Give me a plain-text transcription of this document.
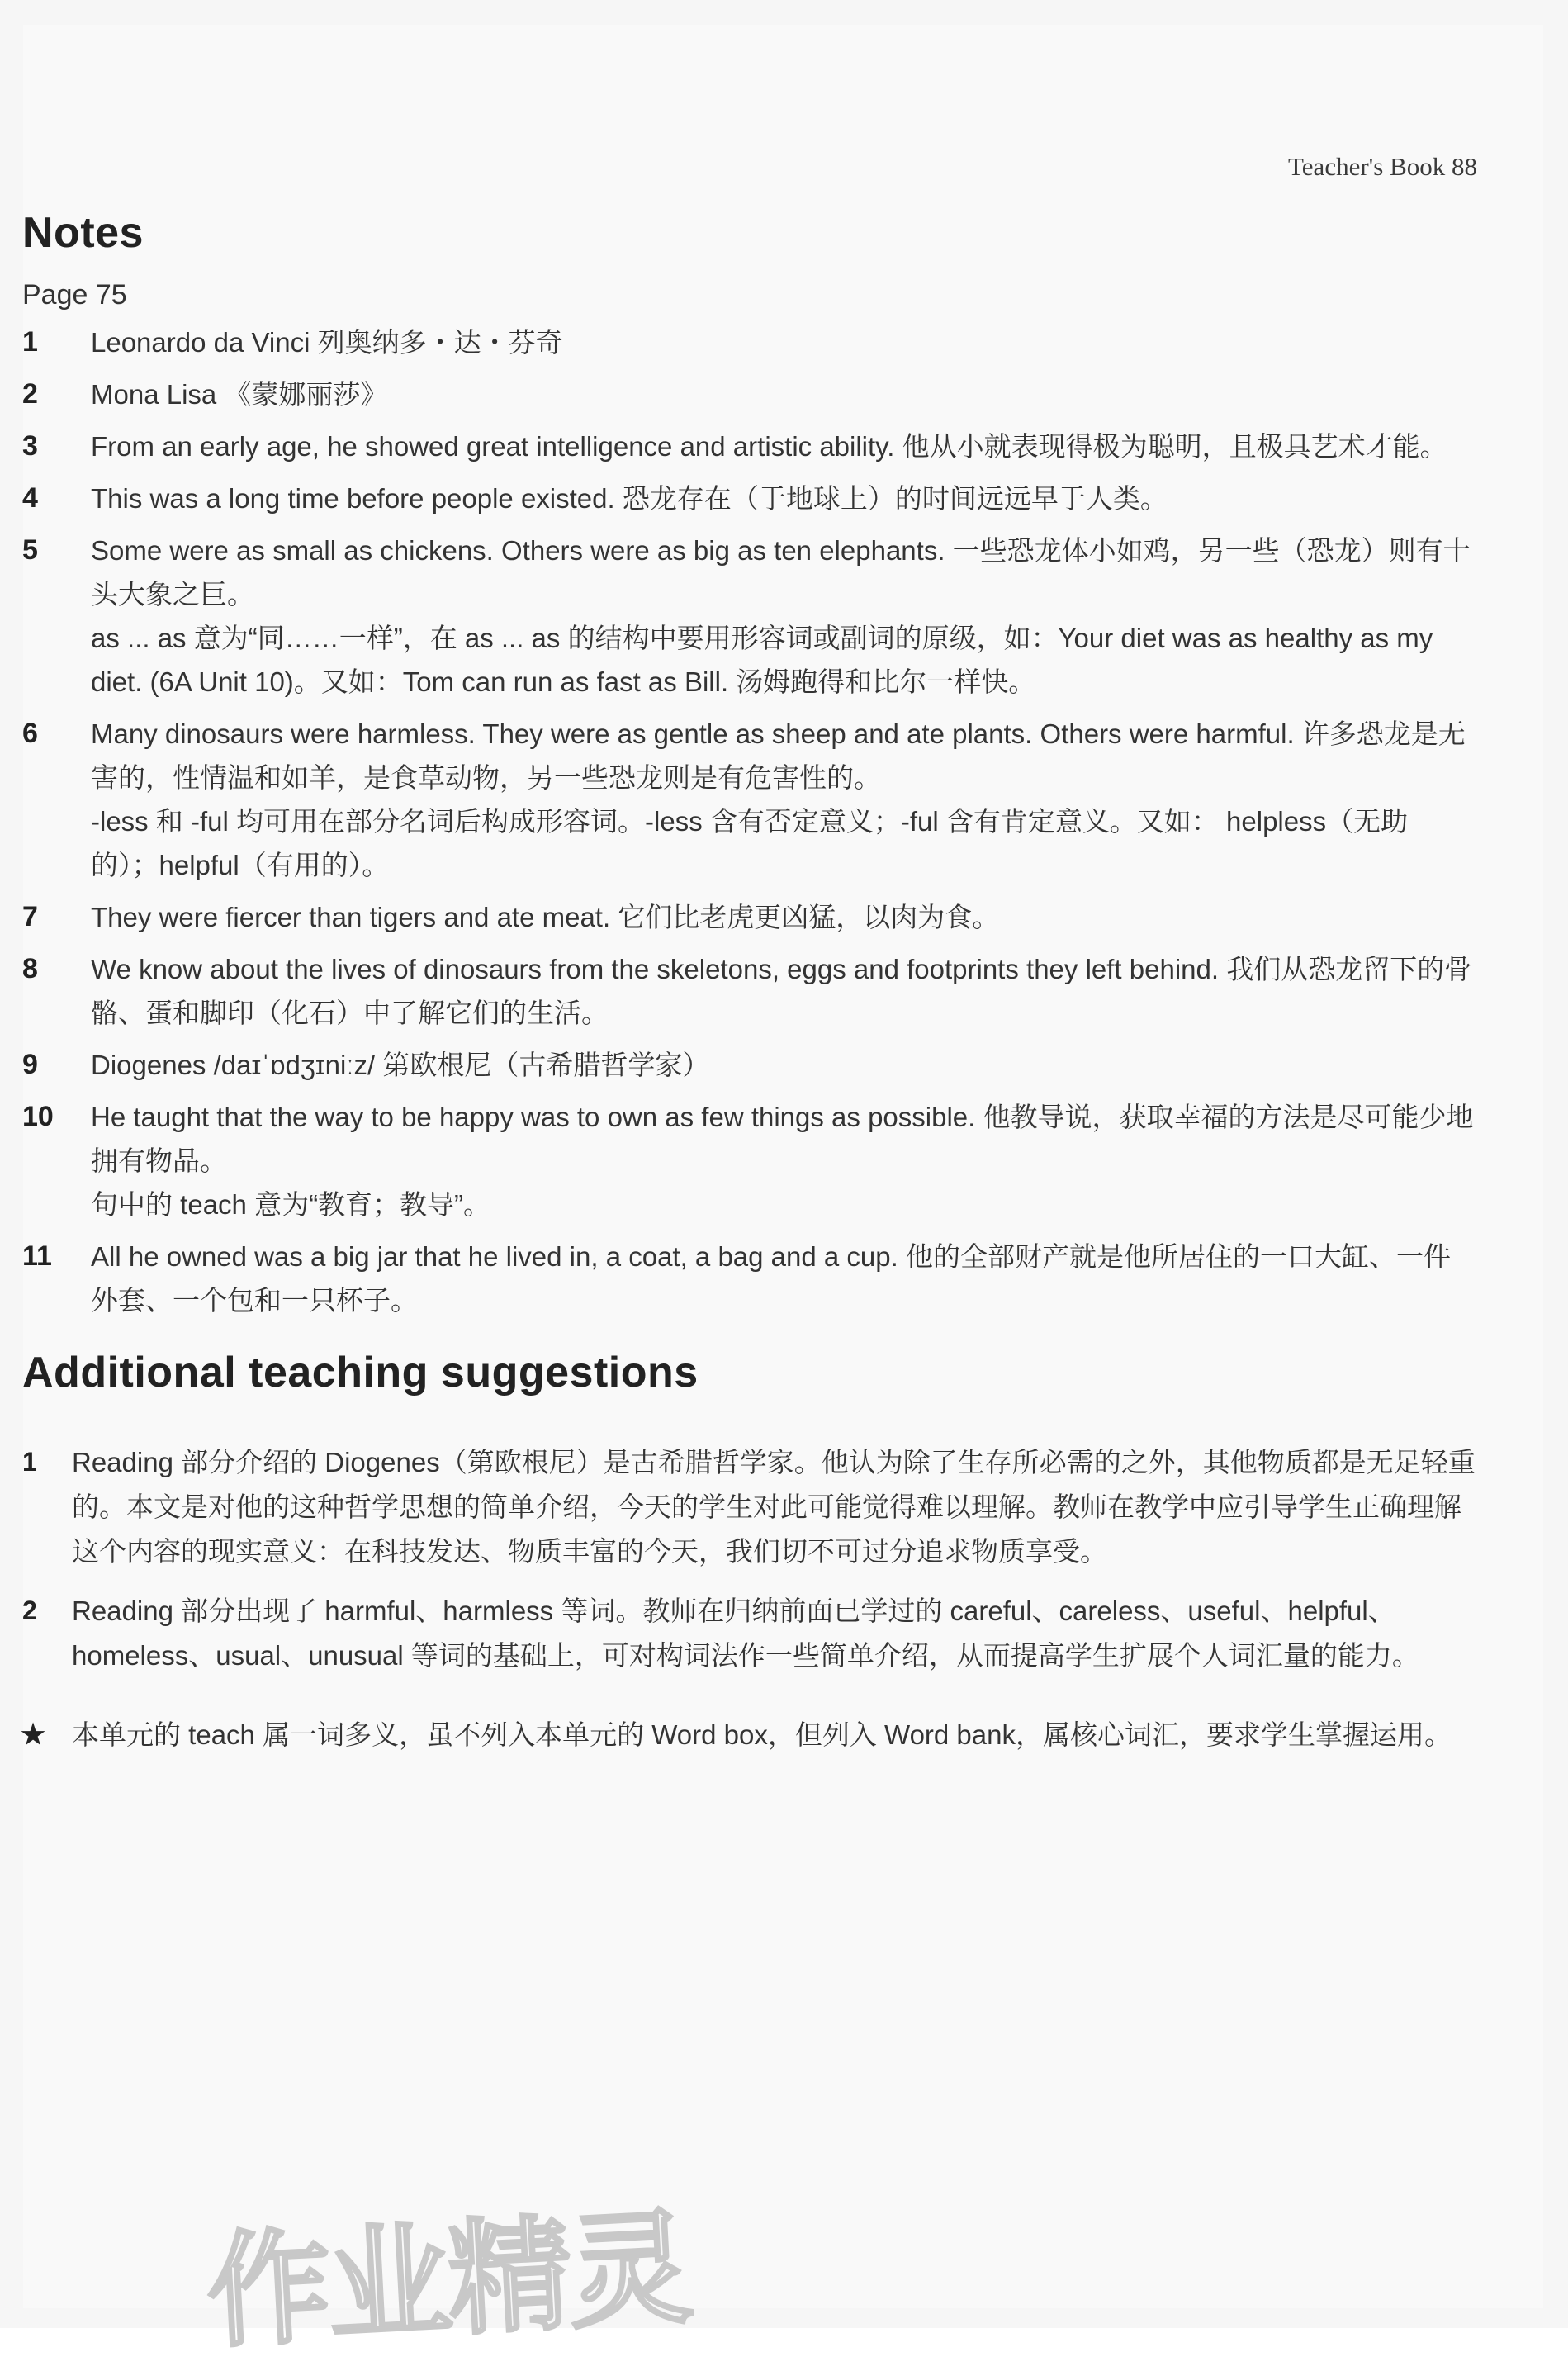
Teacher's Book 88
Notes
Page 75
1	Leonardo da Vinci 列奥纳多・达・芬奇
2	Mona Lisa 《蒙娜丽莎》
3	From an early age, he showed great intelligence and artistic ability. 他从小就表现得极为聪明，且极具艺术才能。
4	This was a long time before people existed. 恐龙存在（于地球上）的时间远远早于人类。
5	Some were as small as chickens. Others were as big as ten elephants. 一些恐龙体小如鸡，另一些（恐龙）则有十头大象之巨。
as ... as 意为“同……一样”，在 as ... as 的结构中要用形容词或副词的原级，如：Your diet was as healthy as my diet. (6A Unit 10)。又如：Tom can run as fast as Bill. 汤姆跑得和比尔一样快。
6	Many dinosaurs were harmless. They were as gentle as sheep and ate plants. Others were harmful. 许多恐龙是无害的，性情温和如羊，是食草动物，另一些恐龙则是有危害性的。
-less 和 -ful 均可用在部分名词后构成形容词。-less 含有否定意义；-ful 含有肯定意义。又如： helpless（无助的）；helpful（有用的）。
7	They were fiercer than tigers and ate meat. 它们比老虎更凶猛，以肉为食。
8	We know about the lives of dinosaurs from the skeletons, eggs and footprints they left behind. 我们从恐龙留下的骨骼、蛋和脚印（化石）中了解它们的生活。
9	Diogenes /daɪˈɒdʒɪniːz/ 第欧根尼（古希腊哲学家）
10	He taught that the way to be happy was to own as few things as possible. 他教导说，获取幸福的方法是尽可能少地拥有物品。
句中的 teach 意为“教育；教导”。
11	All he owned was a big jar that he lived in, a coat, a bag and a cup. 他的全部财产就是他所居住的一口大缸、一件外套、一个包和一只杯子。
Additional teaching suggestions
1	Reading 部分介绍的 Diogenes（第欧根尼）是古希腊哲学家。他认为除了生存所必需的之外，其他物质都是无足轻重的。本文是对他的这种哲学思想的简单介绍，今天的学生对此可能觉得难以理解。教师在教学中应引导学生正确理解这个内容的现实意义：在科技发达、物质丰富的今天，我们切不可过分追求物质享受。
2	Reading 部分出现了 harmful、harmless 等词。教师在归纳前面已学过的 careful、careless、useful、helpful、homeless、usual、unusual 等词的基础上，可对构词法作一些简单介绍，从而提高学生扩展个人词汇量的能力。
★ 本单元的 teach 属一词多义，虽不列入本单元的 Word box，但列入 Word bank，属核心词汇，要求学生掌握运用。
作业精灵
